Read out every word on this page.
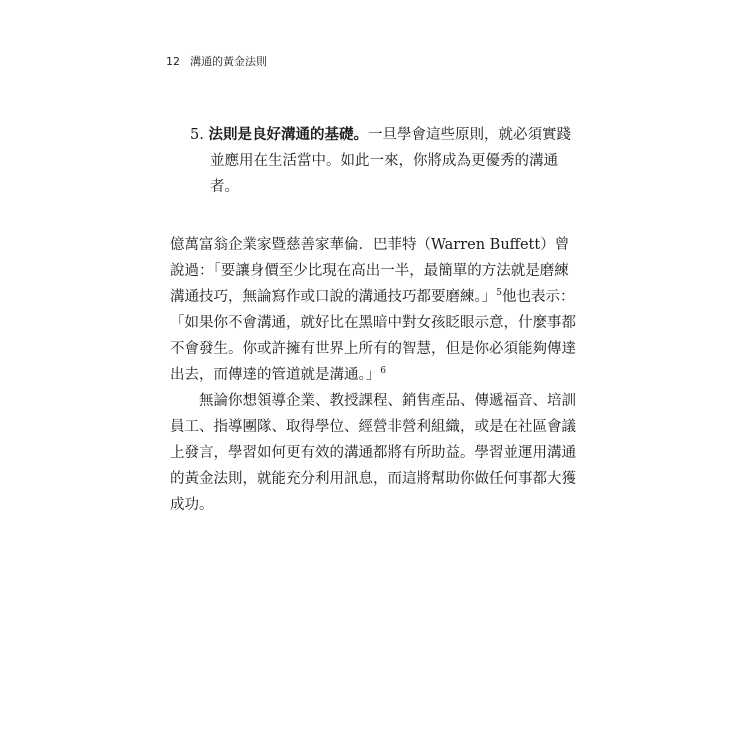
12 溝通的黃金法則

5. 法則是良好溝通的基礎。一旦學會這些原則，就必須實踐並應用在生活當中。如此一來，你將成為更優秀的溝通者。

億萬富翁企業家暨慈善家華倫．巴菲特（Warren Buffett）曾說過：「要讓身價至少比現在高出一半，最簡單的方法就是磨練溝通技巧，無論寫作或口說的溝通技巧都要磨練。」$^5$他也表示：「如果你不會溝通，就好比在黑暗中對女孩眨眼示意，什麼事都不會發生。你或許擁有世界上所有的智慧，但是你必須能夠傳達出去，而傳達的管道就是溝通。」$^6$

無論你想領導企業、教授課程、銷售產品、傳遞福音、培訓員工、指導團隊、取得學位、經營非營利組織，或是在社區會議上發言，學習如何更有效的溝通都將有所助益。學習並運用溝通的黃金法則，就能充分利用訊息，而這將幫助你做任何事都大獲成功。
